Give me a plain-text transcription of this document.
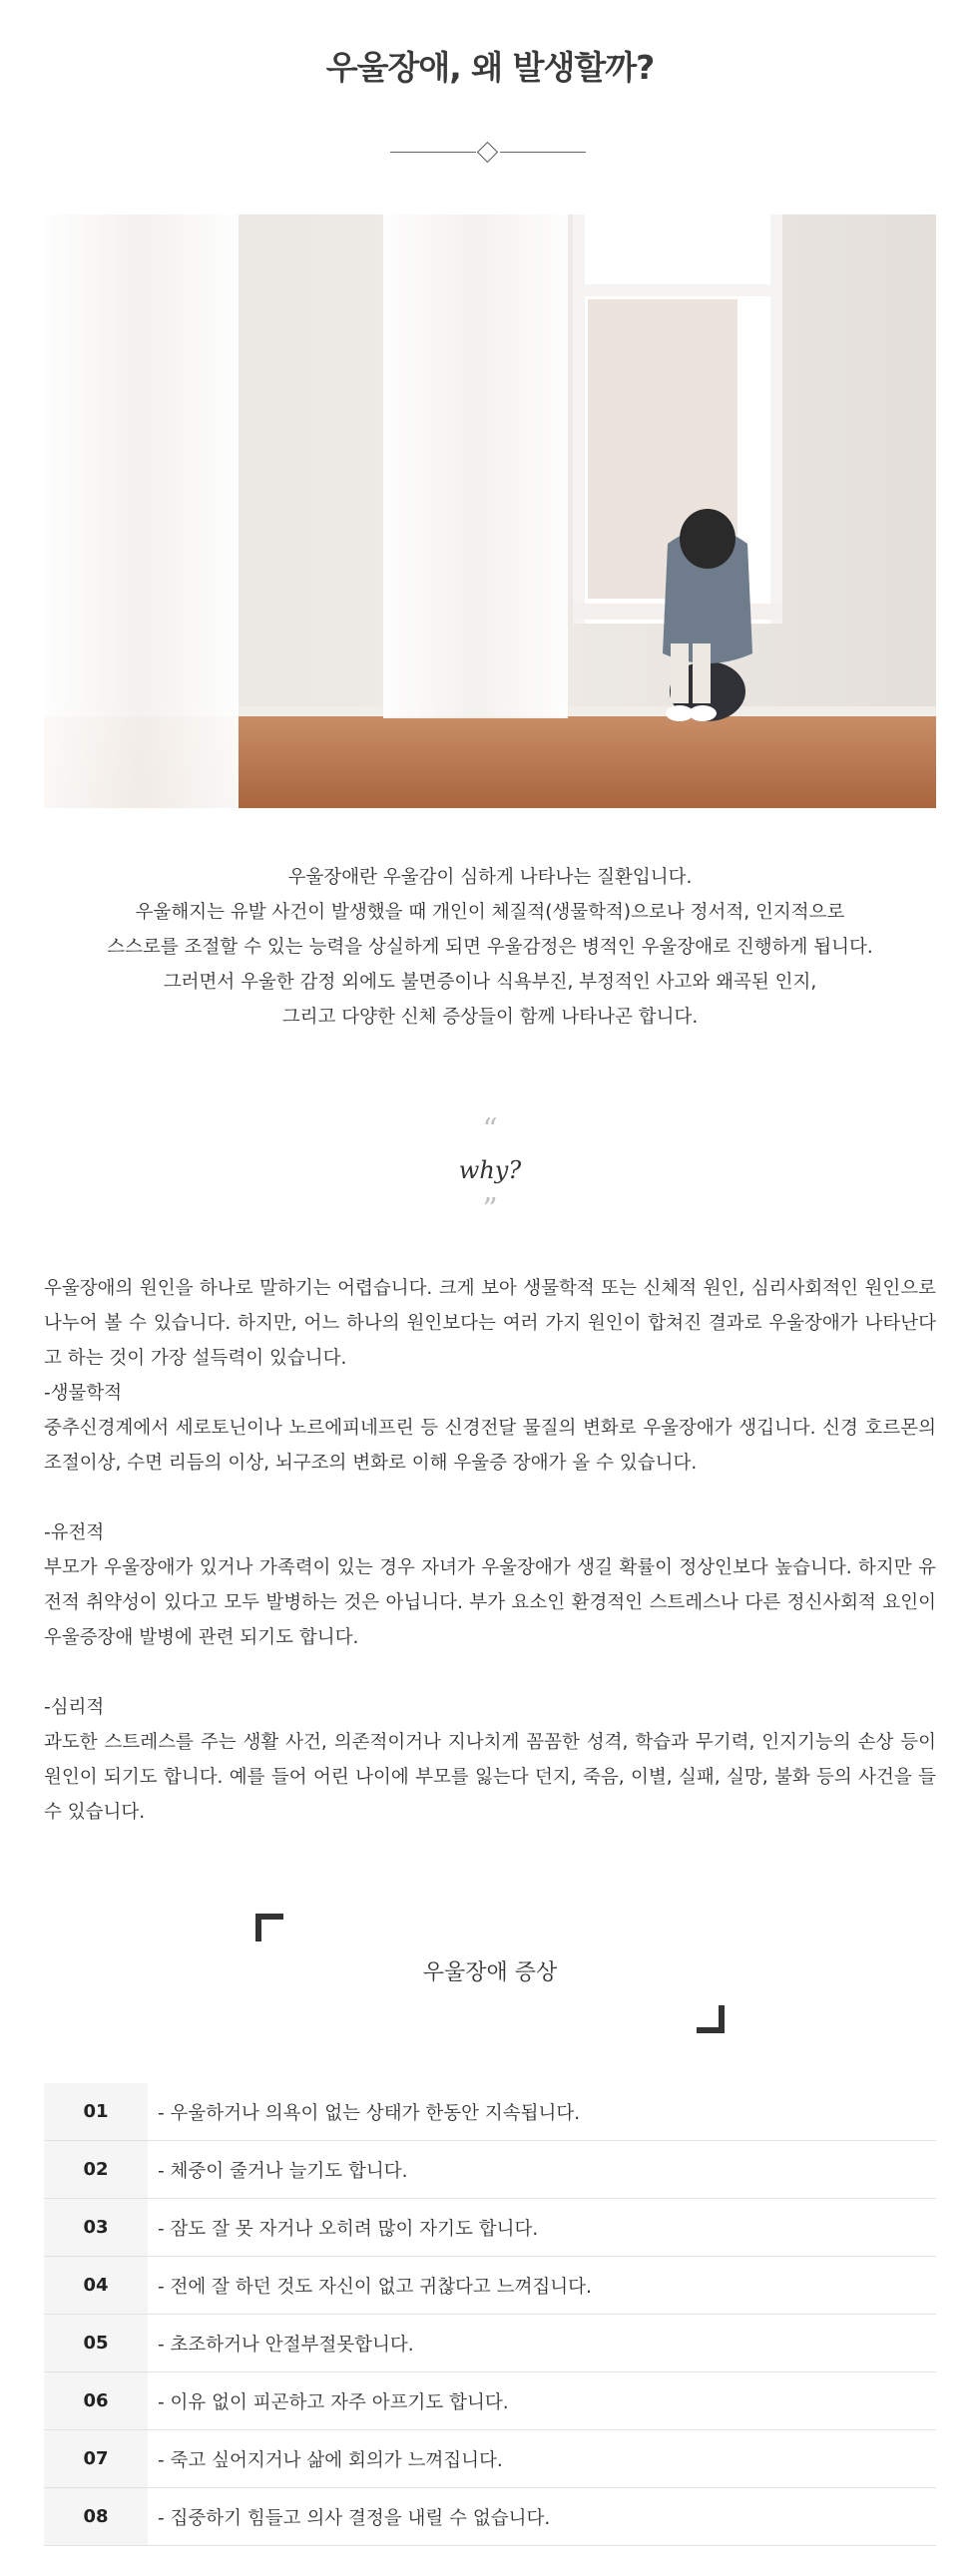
우울장애, 왜 발생할까?

우울장애란 우울감이 심하게 나타나는 질환입니다.

우울해지는 유발 사건이 발생했을 때 개인이 체질적(생물학적)으로나 정서적, 인지적으로

스스로를 조절할 수 있는 능력을 상실하게 되면 우울감정은 병적인 우울장애로 진행하게 됩니다.

그러면서 우울한 감정 외에도 불면증이나 식욕부진, 부정적인 사고와 왜곡된 인지,

그리고 다양한 신체 증상들이 함께 나타나곤 합니다.

“
why?
”

우울장애의 원인을 하나로 말하기는 어렵습니다. 크게 보아 생물학적 또는 신체적 원인, 심리사회적인 원인으로 나누어 볼 수 있습니다. 하지만, 어느 하나의 원인보다는 여러 가지 원인이 합쳐진 결과로 우울장애가 나타난다고 하는 것이 가장 설득력이 있습니다.

-생물학적

중추신경계에서 세로토닌이나 노르에피네프린 등 신경전달 물질의 변화로 우울장애가 생깁니다. 신경 호르몬의 조절이상, 수면 리듬의 이상, 뇌구조의 변화로 이해 우울증 장애가 올 수 있습니다.

-유전적

부모가 우울장애가 있거나 가족력이 있는 경우 자녀가 우울장애가 생길 확률이 정상인보다 높습니다. 하지만 유전적 취약성이 있다고 모두 발병하는 것은 아닙니다. 부가 요소인 환경적인 스트레스나 다른 정신사회적 요인이 우울증장애 발병에 관련 되기도 합니다.

-심리적

과도한 스트레스를 주는 생활 사건, 의존적이거나 지나치게 꼼꼼한 성격, 학습과 무기력, 인지기능의 손상 등이 원인이 되기도 합니다. 예를 들어 어린 나이에 부모를 잃는다 던지, 죽음, 이별, 실패, 실망, 불화 등의 사건을 들 수 있습니다.

우울장애 증상
01	- 우울하거나 의욕이 없는 상태가 한동안 지속됩니다.
02	- 체중이 줄거나 늘기도 합니다.
03	- 잠도 잘 못 자거나 오히려 많이 자기도 합니다.
04	- 전에 잘 하던 것도 자신이 없고 귀찮다고 느껴집니다.
05	- 초조하거나 안절부절못합니다.
06	- 이유 없이 피곤하고 자주 아프기도 합니다.
07	- 죽고 싶어지거나 삶에 회의가 느껴집니다.
08	- 집중하기 힘들고 의사 결정을 내릴 수 없습니다.
